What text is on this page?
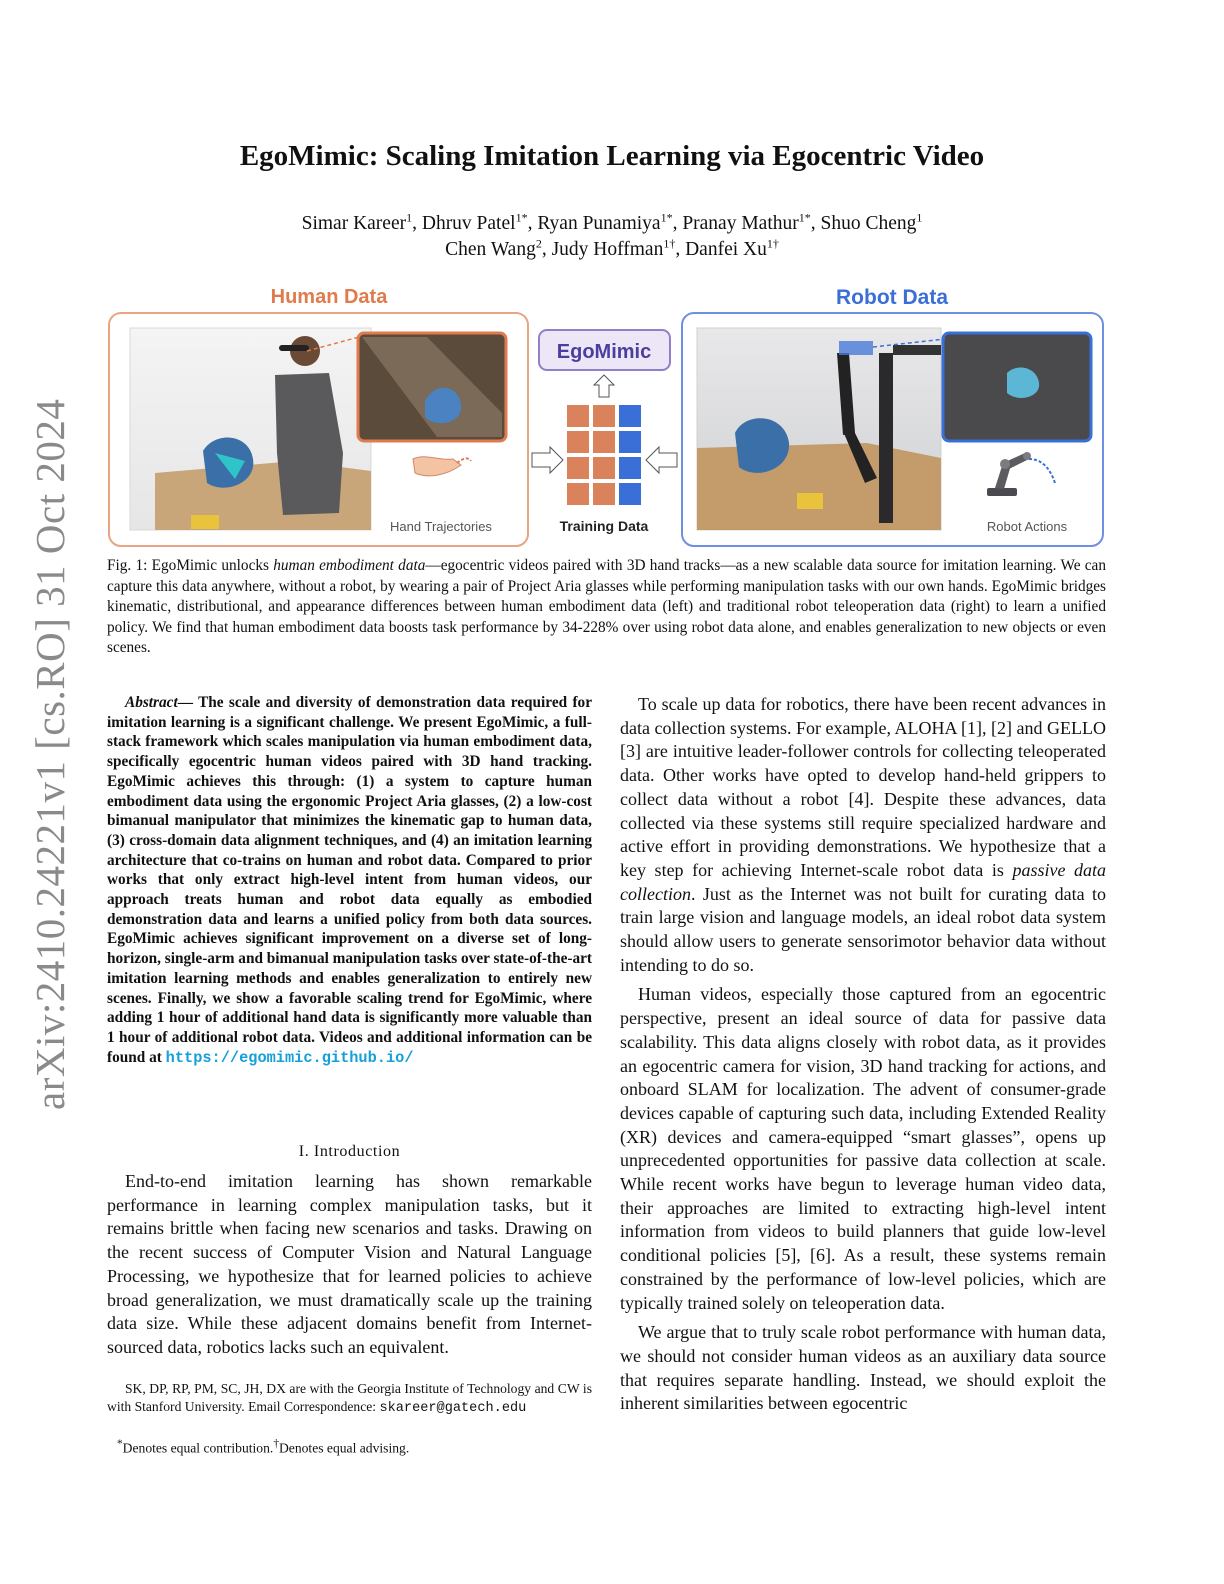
arXiv:2410.24221v1 [cs.RO] 31 Oct 2024
EgoMimic: Scaling Imitation Learning via Egocentric Video
Simar Kareer$^1$, Dhruv Patel$^{1*}$, Ryan Punamiya$^{1*}$, Pranay Mathur$^{1*}$, Shuo Cheng$^1$
Chen Wang$^2$, Judy Hoffman$^{1\dagger}$, Danfei $Xu^{1\dagger}$
Human Data	Robot Data
Hand Trajectories
EgoMimic
Training Data	Robot Actions
Fig. 1: EgoMimic unlocks human embodiment data—egocentric videos paired with 3D hand tracks—as a new scalable data source for imitation learning. We can capture this data anywhere, without a robot, by wearing a pair of Project Aria glasses while performing manipulation tasks with our own hands. EgoMimic bridges kinematic, distributional, and appearance differences between human embodiment data (left) and traditional robot teleoperation data (right) to learn a unified policy. We find that human embodiment data boosts task performance by 34-228% over using robot data alone, and enables generalization to new objects or even scenes.
Abstract— The scale and diversity of demonstration data required for imitation learning is a significant challenge. We present EgoMimic, a full-stack framework which scales manipulation via human embodiment data, specifically egocentric human videos paired with 3D hand tracking. EgoMimic achieves this through: (1) a system to capture human embodiment data using the ergonomic Project Aria glasses, (2) a low-cost bimanual manipulator that minimizes the kinematic gap to human data, (3) cross-domain data alignment techniques, and (4) an imitation learning architecture that co-trains on human and robot data. Compared to prior works that only extract high-level intent from human videos, our approach treats human and robot data equally as embodied demonstration data and learns a unified policy from both data sources. EgoMimic achieves significant improvement on a diverse set of long-horizon, single-arm and bimanual manipulation tasks over state-of-the-art imitation learning methods and enables generalization to entirely new scenes. Finally, we show a favorable scaling trend for EgoMimic, where adding 1 hour of additional hand data is significantly more valuable than 1 hour of additional robot data. Videos and additional information can be found at https://egomimic.github.io/
I. Introduction

End-to-end imitation learning has shown remarkable performance in learning complex manipulation tasks, but it remains brittle when facing new scenarios and tasks. Drawing on the recent success of Computer Vision and Natural Language Processing, we hypothesize that for learned policies to achieve broad generalization, we must dramatically scale up the training data size. While these adjacent domains benefit from Internet-sourced data, robotics lacks such an equivalent.

SK, DP, RP, PM, SC, JH, DX are with the Georgia Institute of Technology and CW is with Stanford University. Email Correspondence: skareer@gatech.edu
*Denotes equal contribution.†Denotes equal advising.

To scale up data for robotics, there have been recent advances in data collection systems. For example, ALOHA [1], [2] and GELLO [3] are intuitive leader-follower controls for collecting teleoperated data. Other works have opted to develop hand-held grippers to collect data without a robot [4]. Despite these advances, data collected via these systems still require specialized hardware and active effort in providing demonstrations. We hypothesize that a key step for achieving Internet-scale robot data is passive data collection. Just as the Internet was not built for curating data to train large vision and language models, an ideal robot data system should allow users to generate sensorimotor behavior data without intending to do so.

Human videos, especially those captured from an egocentric perspective, present an ideal source of data for passive data scalability. This data aligns closely with robot data, as it provides an egocentric camera for vision, 3D hand tracking for actions, and onboard SLAM for localization. The advent of consumer-grade devices capable of capturing such data, including Extended Reality (XR) devices and camera-equipped “smart glasses”, opens up unprecedented opportunities for passive data collection at scale. While recent works have begun to leverage human video data, their approaches are limited to extracting high-level intent information from videos to build planners that guide low-level conditional policies [5], [6]. As a result, these systems remain constrained by the performance of low-level policies, which are typically trained solely on teleoperation data.

We argue that to truly scale robot performance with human data, we should not consider human videos as an auxiliary data source that requires separate handling. Instead, we should exploit the inherent similarities between egocentric
